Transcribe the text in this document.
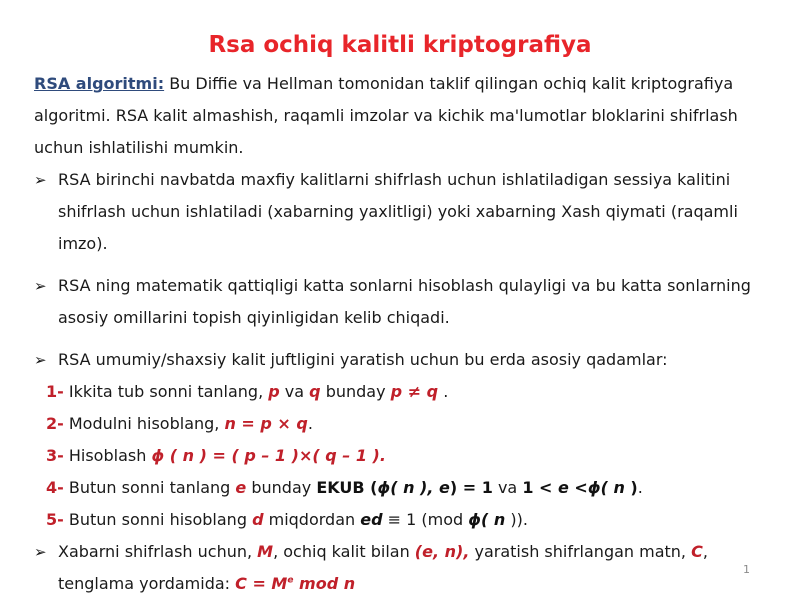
Rsa ochiq kalitli kriptografiya
RSA algoritmi: Bu Diffie va Hellman tomonidan taklif qilingan ochiq kalit kriptografiya algoritmi. RSA kalit almashish, raqamli imzolar va kichik ma'lumotlar bloklarini shifrlash uchun ishlatilishi mumkin.
➢ RSA birinchi navbatda maxfiy kalitlarni shifrlash uchun ishlatiladigan sessiya kalitini shifrlash uchun ishlatiladi (xabarning yaxlitligi) yoki xabarning Xash qiymati (raqamli imzo).
➢ RSA ning matematik qattiqligi katta sonlarni hisoblash qulayligi va bu katta sonlarning asosiy omillarini topish qiyinligidan kelib chiqadi.
➢ RSA umumiy/shaxsiy kalit juftligini yaratish uchun bu erda asosiy qadamlar:
1- Ikkita tub sonni tanlang, p va q bunday p ≠ q .
2- Modulni hisoblang, n = p × q.
3- Hisoblash ϕ ( n ) = ( p – 1 )×( q – 1 ).
4- Butun sonni tanlang e bunday EKUB (ϕ( n ), e) = 1 va 1 < e <ϕ( n ).
5- Butun sonni hisoblang d miqdordan ed ≡ 1 (mod ϕ( n )).
➢ Xabarni shifrlash uchun, M, ochiq kalit bilan (e, n), yaratish shifrlangan matn, C,
tenglama yordamida: $C = M^e$ mod n
1
